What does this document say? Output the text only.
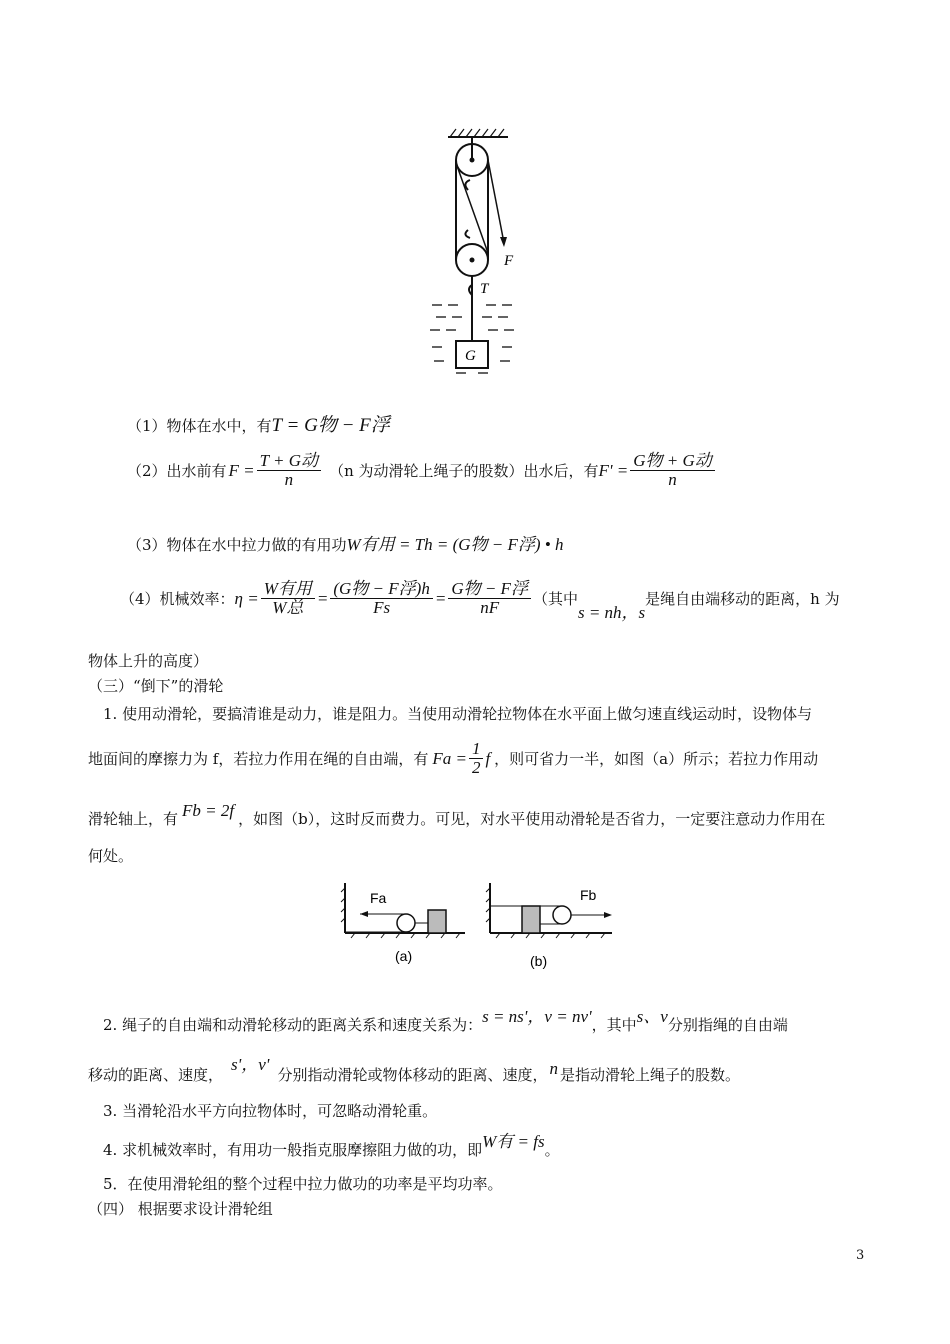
G
F
T
（1）物体在水中，有T = G物 − F浮
（2）出水前有 $F = \frac{\text{T + G动}}{n} (n$ 为动滑轮上绳子的股数）出水后，有 $F' = \frac{\text{G物 + G动}}{n}$
（3）物体在水中拉力做的有用功W有用 = Th = (G物 − F浮) • h
（4）机械效率： $\eta = \frac{\text{W有用}}{\text{W总}} = \frac{\text{(G物 − F浮)h}}{Fs} = \frac{\text{G物 − F浮}}{nF}$ （其中
s = nh，s
是绳自由端移动的距离，h 为
物体上升的高度）
（三）“倒下”的滑轮
1. 使用动滑轮，要搞清谁是动力，谁是阻力。当使用动滑轮拉物体在水平面上做匀速直线运动时，设物体与
地面间的摩擦力为 f，若拉力作用在绳的自由端，有 $Fa = \frac{1}{2}$ f ，则可省力一半，如图（a）所示；若拉力作用动
滑轮轴上，有 Fb = 2f ，如图（b），这时反而费力。可见，对水平使用动滑轮是否省力，一定要注意动力作用在
何处。
Fa
(a)
Fb
(b)
2. 绳子的自由端和动滑轮移动的距离关系和速度关系为：s = ns'，v = nv'，其中s、v分别指绳的自由端
移动的距离、速度，s'，v'分别指动滑轮或物体移动的距离、速度， n 是指动滑轮上绳子的股数。
3. 当滑轮沿水平方向拉物体时，可忽略动滑轮重。
4. 求机械效率时，有用功一般指克服摩擦阻力做的功，即W有 = fs。
5．在使用滑轮组的整个过程中拉力做功的功率是平均功率。
（四） 根据要求设计滑轮组
3
